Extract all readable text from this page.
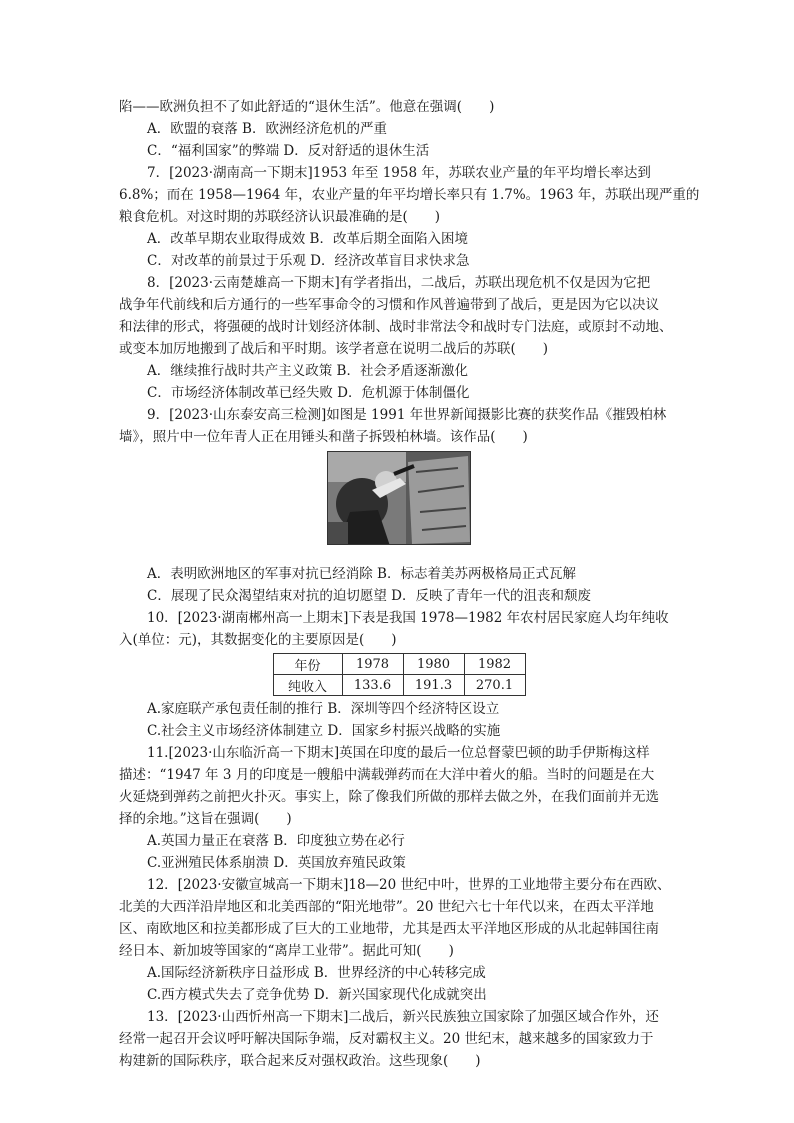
陷——欧洲负担不了如此舒适的“退休生活”。他意在强调(　　)
A．欧盟的衰落 B．欧洲经济危机的严重
C．“福利国家”的弊端 D．反对舒适的退休生活
7．[2023·湖南高一下期末]1953 年至 1958 年，苏联农业产量的年平均增长率达到
6.8%；而在 1958—1964 年，农业产量的年平均增长率只有 1.7%。1963 年，苏联出现严重的
粮食危机。对这时期的苏联经济认识最准确的是(　　)
A．改革早期农业取得成效 B．改革后期全面陷入困境
C．对改革的前景过于乐观 D．经济改革盲目求快求急
8．[2023·云南楚雄高一下期末]有学者指出，二战后，苏联出现危机不仅是因为它把
战争年代前线和后方通行的一些军事命令的习惯和作风普遍带到了战后，更是因为它以决议
和法律的形式，将强硬的战时计划经济体制、战时非常法令和战时专门法庭，或原封不动地、
或变本加厉地搬到了战后和平时期。该学者意在说明二战后的苏联(　　)
A．继续推行战时共产主义政策 B．社会矛盾逐渐激化
C．市场经济体制改革已经失败 D．危机源于体制僵化
9．[2023·山东泰安高三检测]如图是 1991 年世界新闻摄影比赛的获奖作品《摧毁柏林
墙》，照片中一位年青人正在用锤头和凿子拆毁柏林墙。该作品(　　)
A．表明欧洲地区的军事对抗已经消除 B．标志着美苏两极格局正式瓦解
C．展现了民众渴望结束对抗的迫切愿望 D．反映了青年一代的沮丧和颓废
10．[2023·湖南郴州高一上期末]下表是我国 1978—1982 年农村居民家庭人均年纯收
入(单位：元)，其数据变化的主要原因是(　　)
年份	1978	1980	1982
纯收入	133.6	191.3	270.1
A.家庭联产承包责任制的推行 B．深圳等四个经济特区设立
C.社会主义市场经济体制建立 D．国家乡村振兴战略的实施
11.[2023·山东临沂高一下期末]英国在印度的最后一位总督蒙巴顿的助手伊斯梅这样
描述：“1947 年 3 月的印度是一艘船中满载弹药而在大洋中着火的船。当时的问题是在大
火延烧到弹药之前把火扑灭。事实上，除了像我们所做的那样去做之外，在我们面前并无选
择的余地。”这旨在强调(　　)
A.英国力量正在衰落 B．印度独立势在必行
C.亚洲殖民体系崩溃 D．英国放弃殖民政策
12．[2023·安徽宣城高一下期末]18—20 世纪中叶，世界的工业地带主要分布在西欧、
北美的大西洋沿岸地区和北美西部的“阳光地带”。20 世纪六七十年代以来，在西太平洋地
区、南欧地区和拉美都形成了巨大的工业地带，尤其是西太平洋地区形成的从北起韩国往南
经日本、新加坡等国家的“离岸工业带”。据此可知(　　)
A.国际经济新秩序日益形成 B．世界经济的中心转移完成
C.西方模式失去了竞争优势 D．新兴国家现代化成就突出
13．[2023·山西忻州高一下期末]二战后，新兴民族独立国家除了加强区域合作外，还
经常一起召开会议呼吁解决国际争端，反对霸权主义。20 世纪末，越来越多的国家致力于
构建新的国际秩序，联合起来反对强权政治。这些现象(　　)
